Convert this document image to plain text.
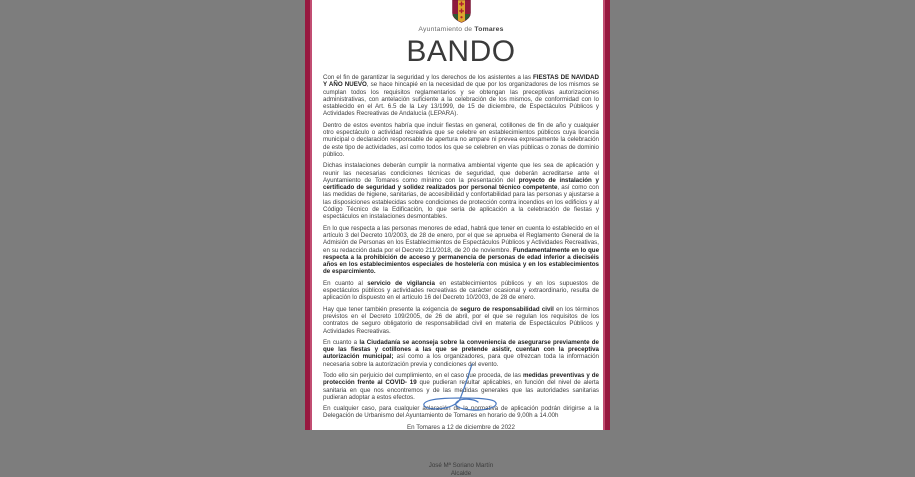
Ayuntamiento de Tomares
BANDO

Con el fin de garantizar la seguridad y los derechos de los asistentes a las FIESTAS DE NAVIDAD Y AÑO NUEVO, se hace hincapié en la necesidad de que por los organizadores de los mismos se cumplan todos los requisitos reglamentarios y se obtengan las preceptivas autorizaciones administrativas, con antelación suficiente a la celebración de los mismos, de conformidad con lo establecido en el Art. 6.5 de la Ley 13/1999, de 15 de diciembre, de Espectáculos Públicos y Actividades Recreativas de Andalucía (LEPARA).

Dentro de estos eventos habría que incluir fiestas en general, cotillones de fin de año y cualquier otro espectáculo o actividad recreativa que se celebre en establecimientos públicos cuya licencia municipal o declaración responsable de apertura no ampare ni prevea expresamente la celebración de este tipo de actividades, así como todos los que se celebren en vías públicas o zonas de dominio público.

Dichas instalaciones deberán cumplir la normativa ambiental vigente que les sea de aplicación y reunir las necesarias condiciones técnicas de seguridad, que deberán acreditarse ante el Ayuntamiento de Tomares como mínimo con la presentación del proyecto de instalación y certificado de seguridad y solidez realizados por personal técnico competente, así como con las medidas de higiene, sanitarias, de accesibilidad y confortabilidad para las personas y ajustarse a las disposiciones establecidas sobre condiciones de protección contra incendios en los edificios y al Código Técnico de la Edificación, lo que sería de aplicación a la celebración de fiestas y espectáculos en instalaciones desmontables.

En lo que respecta a las personas menores de edad, habrá que tener en cuenta lo establecido en el artículo 3 del Decreto 10/2003, de 28 de enero, por el que se aprueba el Reglamento General de la Admisión de Personas en los Establecimientos de Espectáculos Públicos y Actividades Recreativas, en su redacción dada por el Decreto 211/2018, de 20 de noviembre. Fundamentalmente en lo que respecta a la prohibición de acceso y permanencia de personas de edad inferior a dieciséis años en los establecimientos especiales de hostelería con música y en los establecimientos de esparcimiento.

En cuanto al servicio de vigilancia en establecimientos públicos y en los supuestos de espectáculos públicos y actividades recreativas de carácter ocasional y extraordinario, resulta de aplicación lo dispuesto en el artículo 16 del Decreto 10/2003, de 28 de enero.

Hay que tener también presente la exigencia de seguro de responsabilidad civil en los términos previstos en el Decreto 109/2005, de 26 de abril, por el que se regulan los requisitos de los contratos de seguro obligatorio de responsabilidad civil en materia de Espectáculos Públicos y Actividades Recreativas.

En cuanto a la Ciudadanía se aconseja sobre la conveniencia de asegurarse previamente de que las fiestas y cotillones a las que se pretende asistir, cuentan con la preceptiva autorización municipal; así como a los organizadores, para que ofrezcan toda la información necesaria sobre la autorización previa y condiciones del evento.

Todo ello sin perjuicio del cumplimiento, en el caso que proceda, de las medidas preventivas y de protección frente al COVID- 19 que pudieran resultar aplicables, en función del nivel de alerta sanitaria en que nos encontremos y de las medidas generales que las autoridades sanitarias pudieran adoptar a estos efectos.

En cualquier caso, para cualquier aclaración de la normativa de aplicación podrán dirigirse a la Delegación de Urbanismo del Ayuntamiento de Tomares en horario de 9,00h a 14.00h

En Tomares a 12 de diciembre de 2022
José Mª Soriano Martín
Alcalde
